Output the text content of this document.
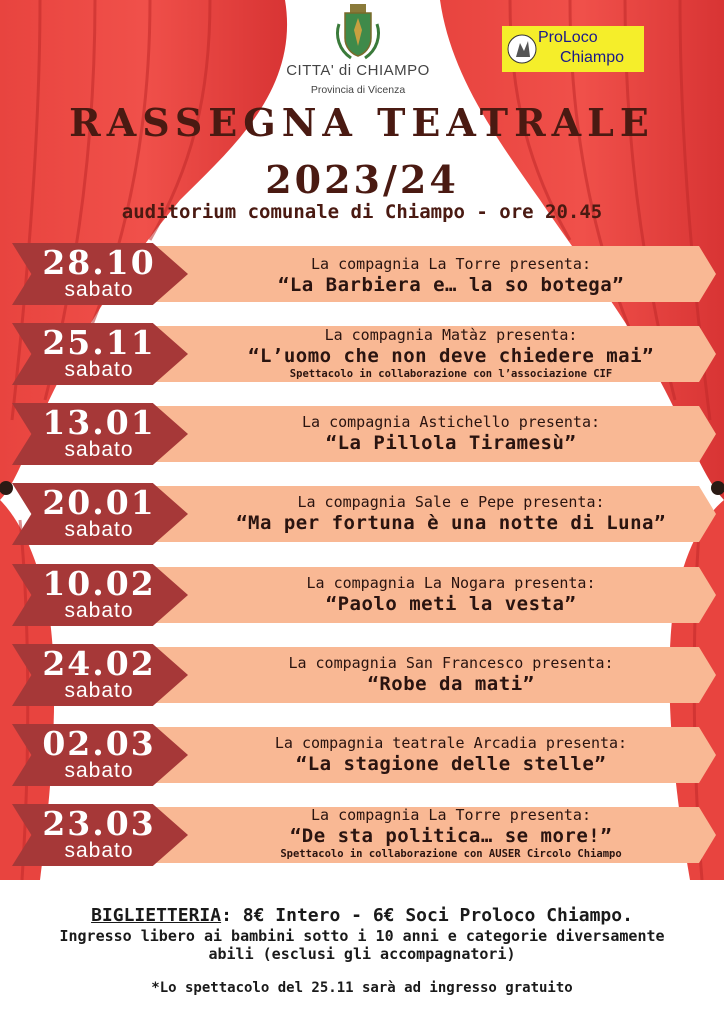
CITTA' di CHIAMPO
Provincia di Vicenza
ProLoco
Chiampo
RASSEGNA TEATRALE
2023/24
auditorium comunale di Chiampo - ore 20.45
28.10
sabato
La compagnia La Torre presenta:
“La Barbiera e… la so botega”
25.11
sabato
La compagnia Matàz presenta:
“L’uomo che non deve chiedere mai”
Spettacolo in collaborazione con l’associazione CIF
13.01
sabato
La compagnia Astichello presenta:
“La Pillola Tiramesù”
20.01
sabato
La compagnia Sale e Pepe presenta:
“Ma per fortuna è una notte di Luna”
10.02
sabato
La compagnia La Nogara presenta:
“Paolo meti la vesta”
24.02
sabato
La compagnia San Francesco presenta:
“Robe da mati”
02.03
sabato
La compagnia teatrale Arcadia presenta:
“La stagione delle stelle”
23.03
sabato
La compagnia La Torre presenta:
“De sta politica… se more!”
Spettacolo in collaborazione con AUSER Circolo Chiampo
BIGLIETTERIA: 8€ Intero - 6€ Soci Proloco Chiampo.
Ingresso libero ai bambini sotto i 10 anni e categorie diversamente
abili (esclusi gli accompagnatori)
*Lo spettacolo del 25.11 sarà ad ingresso gratuito
